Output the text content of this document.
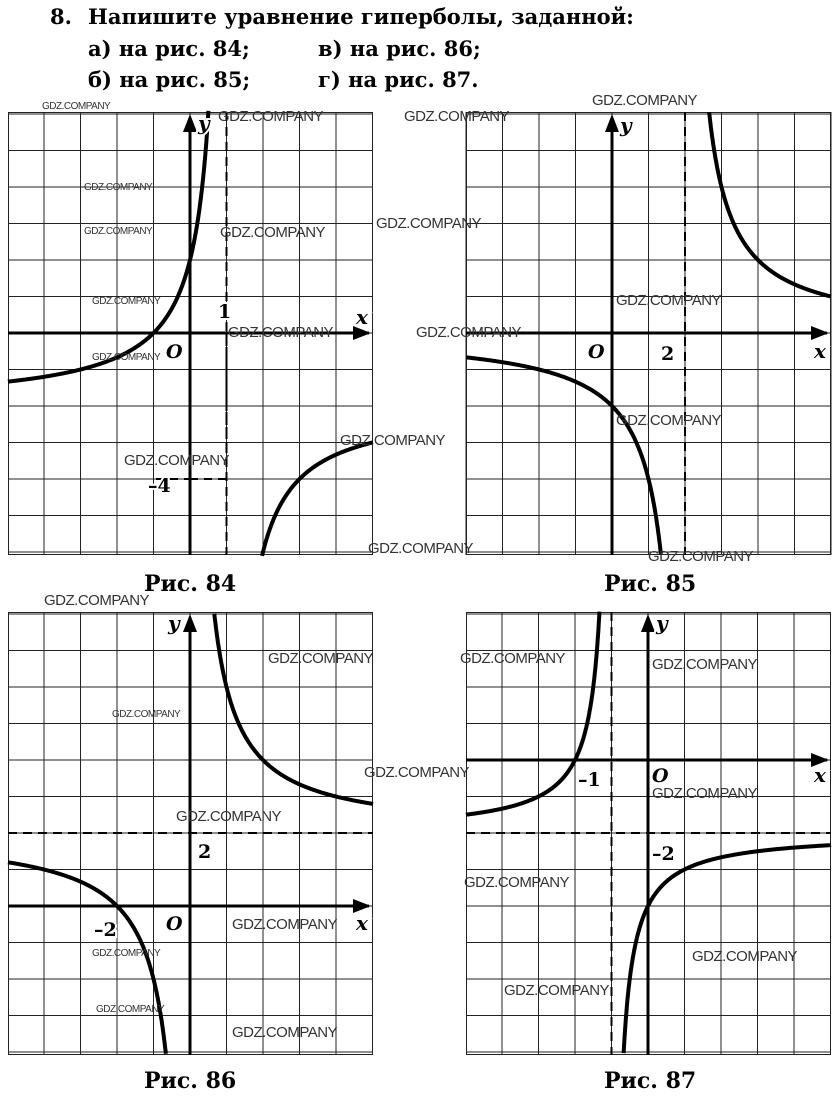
8. Напишите уравнение гиперболы, заданной:
а) на рис. 84;	в) на рис. 86;
б) на рис. 85;	г) на рис. 87.
x
y
O
1
–4
x
y
O	2
x
y
O
2
–2
x
y
O
–1
–2
Рис. 84	Рис. 85
Рис. 86	Рис. 87
GDZ.COMPANY
GDZ.COMPANY
GDZ.COMPANY
GDZ.COMPANY	GDZ.COMPANY
GDZ.COMPANY
GDZ.COMPANY
GDZ.COMPANY
GDZ.COMPANY
GDZ.COMPANY
GDZ.COMPANY
GDZ.COMPANY
GDZ.COMPANY
GDZ.COMPANY
GDZ.COMPANY
GDZ.COMPANY
GDZ.COMPANY	GDZ.COMPANY
GDZ.COMPANY
GDZ.COMPANY
GDZ.COMPANY
GDZ.COMPANY
GDZ.COMPANY
GDZ.COMPANY
GDZ.COMPANY
GDZ.COMPANY
GDZ.COMPANY	GDZ.COMPANY
GDZ.COMPANY
GDZ.COMPANY
GDZ.COMPANY
GDZ.COMPANY
GDZ.COMPANY
